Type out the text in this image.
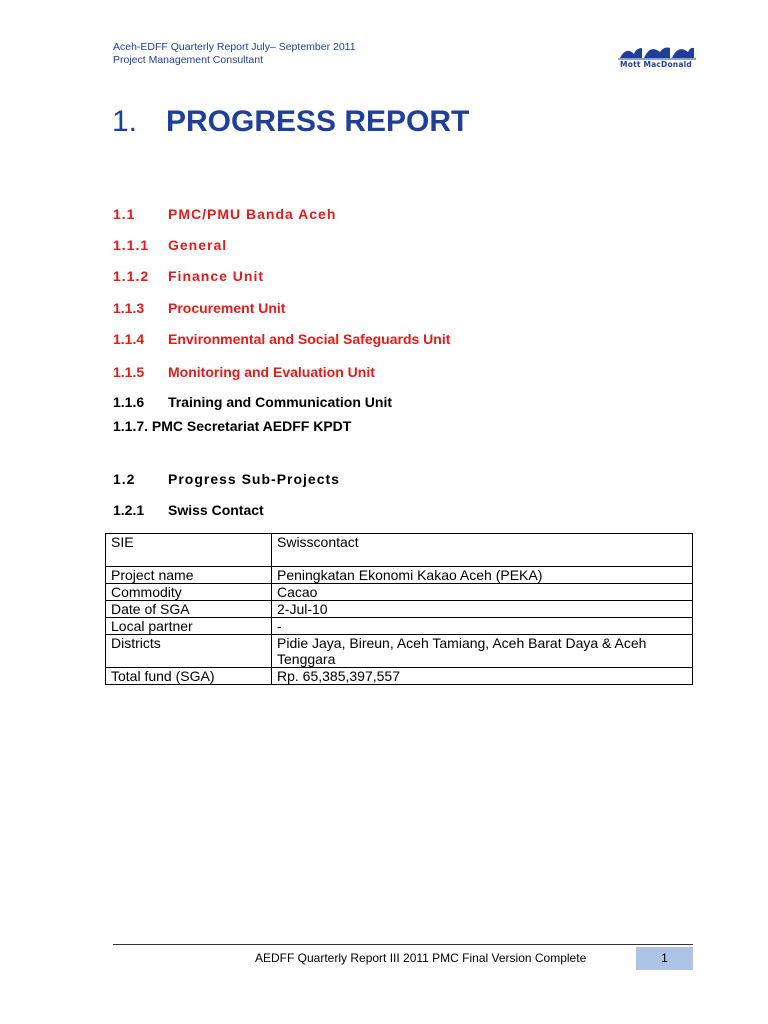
Aceh-EDFF Quarterly Report July– September 2011
Project Management Consultant	Mott MacDonald
1. PROGRESS REPORT
1.1 PMC/PMU Banda Aceh
1.1.1 General
1.1.2 Finance Unit
1.1.3 Procurement Unit
1.1.4 Environmental and Social Safeguards Unit
1.1.5 Monitoring and Evaluation Unit
1.1.6 Training and Communication Unit
1.1.7. PMC Secretariat AEDFF KPDT
1.2 Progress Sub-Projects
1.2.1 Swiss Contact
SIE	Swisscontact
Project name	Peningkatan Ekonomi Kakao Aceh (PEKA)
Commodity	Cacao
Date of SGA	2-Jul-10
Local partner	-
Districts	Pidie Jaya, Bireun, Aceh Tamiang, Aceh Barat Daya & Aceh Tenggara
Total fund (SGA)	Rp. 65,385,397,557
AEDFF Quarterly Report III 2011 PMC Final Version Complete	1
